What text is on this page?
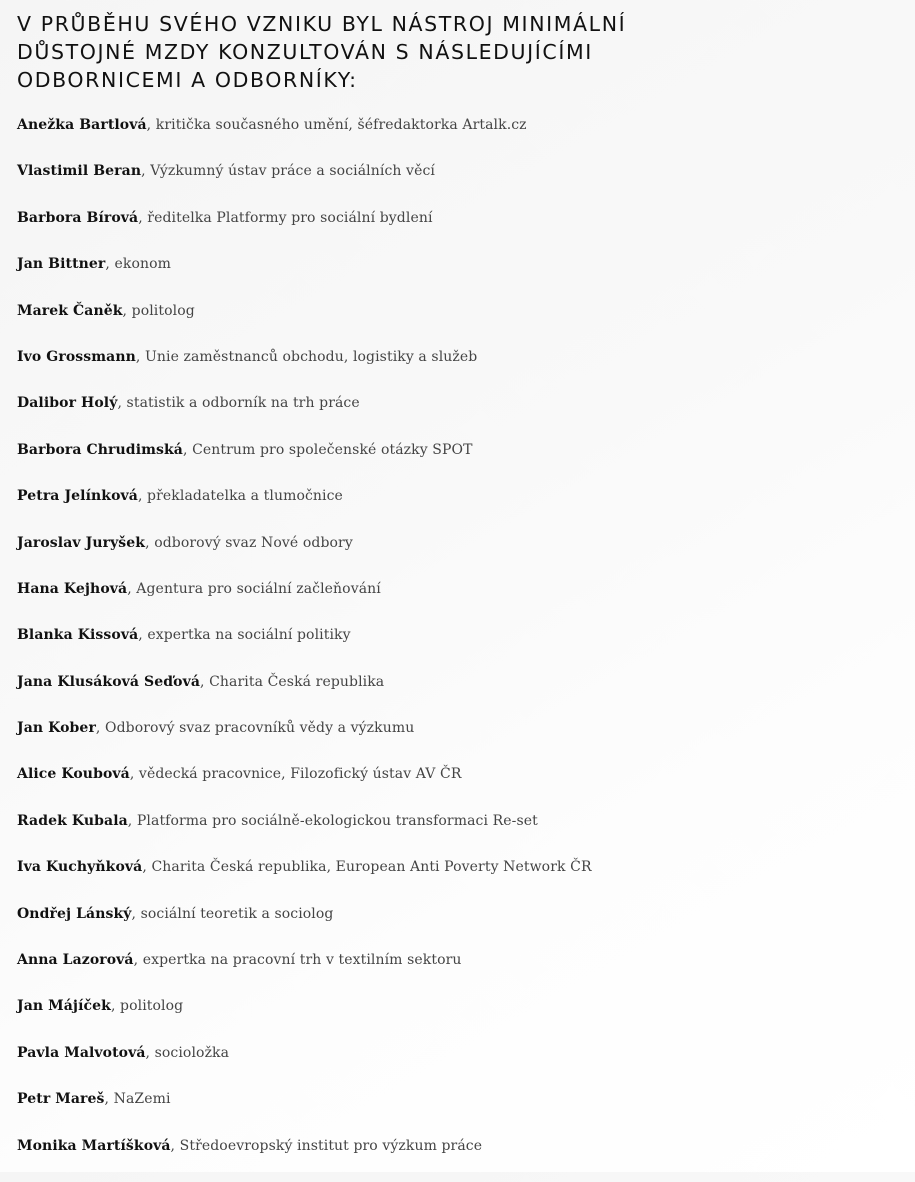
V PRŮBĚHU SVÉHO VZNIKU BYL NÁSTROJ MINIMÁLNÍ DŮSTOJNÉ MZDY KONZULTOVÁN S NÁSLEDUJÍCÍMI ODBORNICEMI A ODBORNÍKY:
Anežka Bartlová, kritička současného umění, šéfredaktorka Artalk.cz
Vlastimil Beran, Výzkumný ústav práce a sociálních věcí
Barbora Bírová, ředitelka Platformy pro sociální bydlení
Jan Bittner, ekonom
Marek Čaněk, politolog
Ivo Grossmann, Unie zaměstnanců obchodu, logistiky a služeb
Dalibor Holý, statistik a odborník na trh práce
Barbora Chrudimská, Centrum pro společenské otázky SPOT
Petra Jelínková, překladatelka a tlumočnice
Jaroslav Juryšek, odborový svaz Nové odbory
Hana Kejhová, Agentura pro sociální začleňování
Blanka Kissová, expertka na sociální politiky
Jana Klusáková Seďová, Charita Česká republika
Jan Kober, Odborový svaz pracovníků vědy a výzkumu
Alice Koubová, vědecká pracovnice, Filozofický ústav AV ČR
Radek Kubala, Platforma pro sociálně-ekologickou transformaci Re-set
Iva Kuchyňková, Charita Česká republika, European Anti Poverty Network ČR
Ondřej Lánský, sociální teoretik a sociolog
Anna Lazorová, expertka na pracovní trh v textilním sektoru
Jan Májíček, politolog
Pavla Malvotová, socioložka
Petr Mareš, NaZemi
Monika Martíšková, Středoevropský institut pro výzkum práce
